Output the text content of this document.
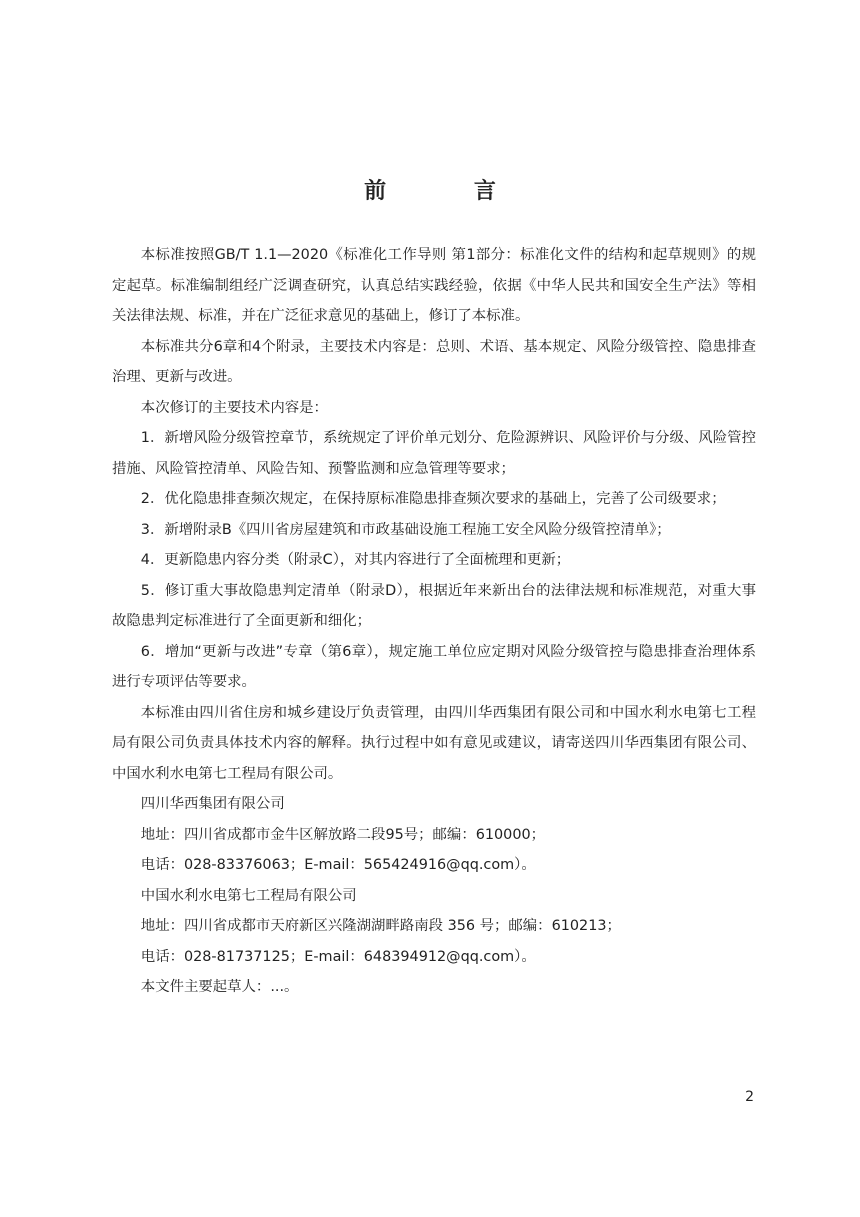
前 言

本标准按照GB/T 1.1—2020《标准化工作导则 第1部分：标准化文件的结构和起草规则》的规定起草。标准编制组经广泛调查研究，认真总结实践经验，依据《中华人民共和国安全生产法》等相关法律法规、标准，并在广泛征求意见的基础上，修订了本标准。

本标准共分6章和4个附录，主要技术内容是：总则、术语、基本规定、风险分级管控、隐患排查治理、更新与改进。

本次修订的主要技术内容是：

1．新增风险分级管控章节，系统规定了评价单元划分、危险源辨识、风险评价与分级、风险管控措施、风险管控清单、风险告知、预警监测和应急管理等要求；

2．优化隐患排查频次规定，在保持原标准隐患排查频次要求的基础上，完善了公司级要求；

3．新增附录B《四川省房屋建筑和市政基础设施工程施工安全风险分级管控清单》；

4．更新隐患内容分类（附录C），对其内容进行了全面梳理和更新；

5．修订重大事故隐患判定清单（附录D），根据近年来新出台的法律法规和标准规范，对重大事故隐患判定标准进行了全面更新和细化；

6．增加“更新与改进”专章（第6章），规定施工单位应定期对风险分级管控与隐患排查治理体系进行专项评估等要求。

本标准由四川省住房和城乡建设厅负责管理，由四川华西集团有限公司和中国水利水电第七工程局有限公司负责具体技术内容的解释。执行过程中如有意见或建议，请寄送四川华西集团有限公司、中国水利水电第七工程局有限公司。

四川华西集团有限公司

地址：四川省成都市金牛区解放路二段95号；邮编：610000；

电话：028-83376063；E-mail：565424916@qq.com）。

中国水利水电第七工程局有限公司

地址：四川省成都市天府新区兴隆湖湖畔路南段 356 号；邮编：610213；

电话：028-81737125；E-mail：648394912@qq.com）。

本文件主要起草人：...。

2
